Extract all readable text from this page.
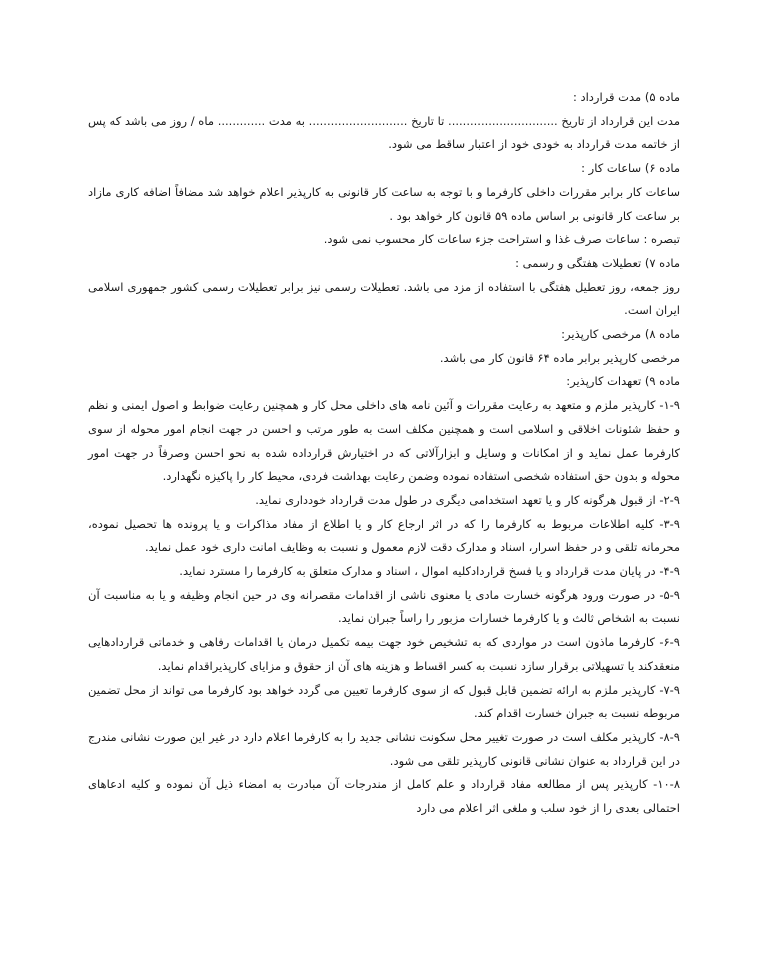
ماده ۵) مدت قرارداد :

مدت این قرارداد از تاریخ .............................. تا تاریخ ........................... به مدت ............. ماه / روز می باشد که پس از خاتمه مدت قرارداد به خودی خود از اعتبار ساقط می شود.

ماده ۶) ساعات کار :

ساعات کار برابر مقررات داخلی کارفرما و با توجه به ساعت کار قانونی به کارپذیر اعلام خواهد شد مضافاً اضافه کاری مازاد بر ساعت کار قانونی بر اساس ماده ۵۹ قانون کار خواهد بود .

تبصره : ساعات صرف غذا و استراحت جزء ساعات کار محسوب نمی شود.

ماده ۷) تعطیلات هفتگی و رسمی :

روز جمعه، روز تعطیل هفتگی با استفاده از مزد می باشد. تعطیلات رسمی نیز برابر تعطیلات رسمی کشور جمهوری اسلامی ایران است.

ماده ۸) مرخصی کارپذیر:

مرخصی کارپذیر برابر ماده ۶۴ قانون کار می باشد.

ماده ۹) تعهدات کارپذیر:

۱-۹- کارپذیر ملزم و متعهد به رعایت مقررات و آئین نامه های داخلی محل کار و همچنین رعایت ضوابط و اصول ایمنی و نظم و حفظ شئونات اخلاقی و اسلامی است و همچنین مکلف است به طور مرتب و احسن در جهت انجام امور محوله از سوی کارفرما عمل نماید و از امکانات و وسایل و ابزارآلاتی که در اختیارش قرارداده شده به نحو احسن وصرفاً در جهت امور محوله و بدون حق استفاده شخصی استفاده نموده وضمن رعایت بهداشت فردی، محیط کار را پاکیزه نگهدارد.

۲-۹- از قبول هرگونه کار و یا تعهد استخدامی دیگری در طول مدت قرارداد خودداری نماید.

۳-۹- کلیه اطلاعات مربوط به کارفرما را که در اثر ارجاع کار و یا اطلاع از مفاد مذاکرات و یا پرونده ها تحصیل نموده، محرمانه تلقی و در حفظ اسرار، اسناد و مدارک دقت لازم معمول و نسبت به وظایف امانت داری خود عمل نماید.

۴-۹- در پایان مدت قرارداد و یا فسخ قراردادکلیه اموال ، اسناد و مدارک متعلق به کارفرما را مسترد نماید.

۵-۹- در صورت ورود هرگونه خسارت مادی یا معنوی ناشی از اقدامات مقصرانه وی در حین انجام وظیفه و یا به مناسبت آن نسبت به اشخاص ثالث و یا کارفرما خسارات مزبور را راساً جبران نماید.

۶-۹- کارفرما ماذون است در مواردی که به تشخیص خود جهت بیمه تکمیل درمان یا اقدامات رفاهی و خدماتی قراردادهایی منعقدکند یا تسهیلاتی برقرار سازد نسبت به کسر اقساط و هزینه های آن از حقوق و مزایای کارپذیراقدام نماید.

۷-۹- کارپذیر ملزم به ارائه تضمین قابل قبول که از سوی کارفرما تعیین می گردد خواهد بود کارفرما می تواند از محل تضمین مربوطه نسبت به جبران خسارت اقدام کند.

۸-۹- کارپذیر مکلف است در صورت تغییر محل سکونت نشانی جدید را به کارفرما اعلام دارد در غیر این صورت نشانی مندرج در این قرارداد به عنوان نشانی قانونی کارپذیر تلقی می شود.

۱۰-۸- کارپذیر پس از مطالعه مفاد قرارداد و علم کامل از مندرجات آن مبادرت به امضاء ذیل آن نموده و کلیه ادعاهای احتمالی بعدی را از خود سلب و ملغی اثر اعلام می دارد
